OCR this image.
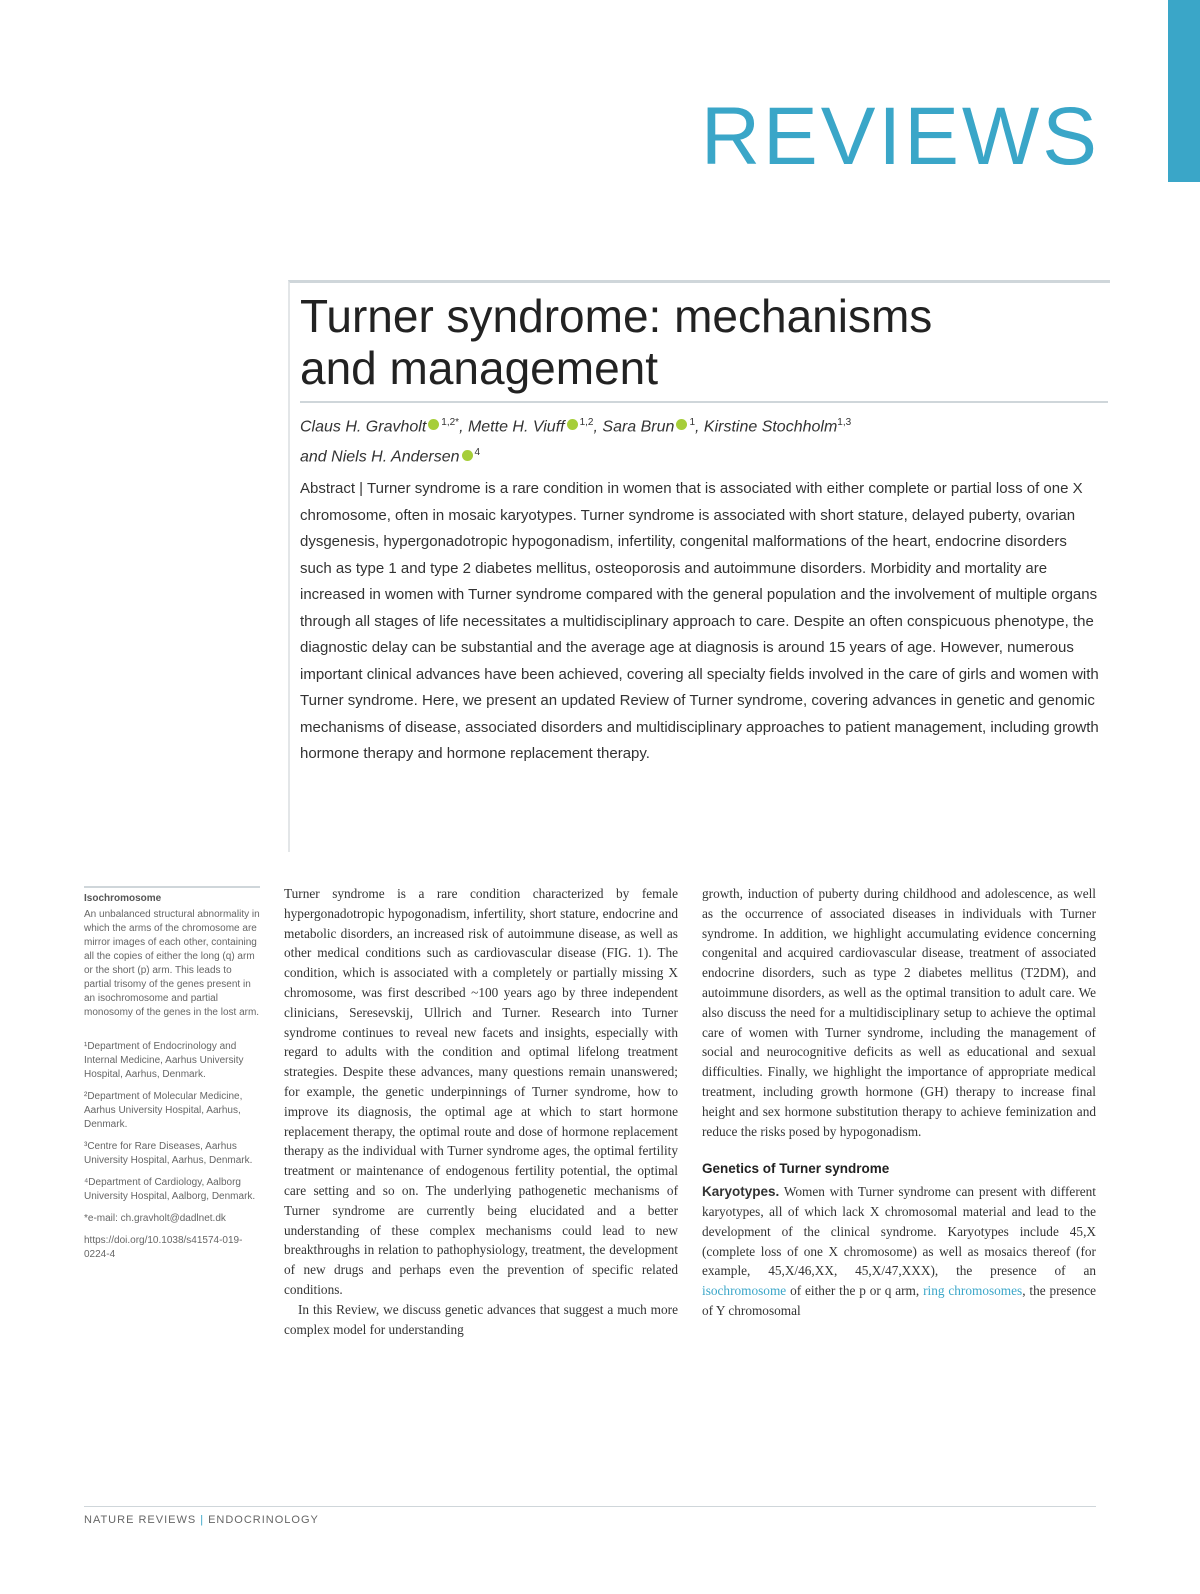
REVIEWS
Turner syndrome: mechanisms
and management
Claus H. Gravholt $^{1,2*}$, Mette H. Viuff $^{1,2}$, Sara Brun $^1$, Kirstine Stochholm$^{1,3}$
and Niels H. Andersen $^4$

Abstract | Turner syndrome is a rare condition in women that is associated with either complete or partial loss of one X chromosome, often in mosaic karyotypes. Turner syndrome is associated with short stature, delayed puberty, ovarian dysgenesis, hypergonadotropic hypogonadism, infertility, congenital malformations of the heart, endocrine disorders such as type 1 and type 2 diabetes mellitus, osteoporosis and autoimmune disorders. Morbidity and mortality are increased in women with Turner syndrome compared with the general population and the involvement of multiple organs through all stages of life necessitates a multidisciplinary approach to care. Despite an often conspicuous phenotype, the diagnostic delay can be substantial and the average age at diagnosis is around 15 years of age. However, numerous important clinical advances have been achieved, covering all specialty fields involved in the care of girls and women with Turner syndrome. Here, we present an updated Review of Turner syndrome, covering advances in genetic and genomic mechanisms of disease, associated disorders and multidisciplinary approaches to patient management, including growth hormone therapy and hormone replacement therapy.

Isochromosome

An unbalanced structural abnormality in which the arms of the chromosome are mirror images of each other, containing all the copies of either the long (q) arm or the short (p) arm. This leads to partial trisomy of the genes present in an isochromosome and partial monosomy of the genes in the lost arm.

¹Department of Endocrinology and Internal Medicine, Aarhus University Hospital, Aarhus, Denmark.

²Department of Molecular Medicine, Aarhus University Hospital, Aarhus, Denmark.

³Centre for Rare Diseases, Aarhus University Hospital, Aarhus, Denmark.

⁴Department of Cardiology, Aalborg University Hospital, Aalborg, Denmark.

*e-mail: ch.gravholt@dadlnet.dk

https://doi.org/10.1038/s41574-019-0224-4

Turner syndrome is a rare condition characterized by female hypergonadotropic hypogonadism, infertility, short stature, endocrine and metabolic disorders, an increased risk of autoimmune disease, as well as other medical conditions such as cardiovascular disease (FIG. 1). The condition, which is associated with a completely or partially missing X chromosome, was first described ~100 years ago by three independent clinicians, Seresevskij, Ullrich and Turner. Research into Turner syndrome continues to reveal new facets and insights, especially with regard to adults with the condition and optimal lifelong treatment strategies. Despite these advances, many questions remain unanswered; for example, the genetic underpinnings of Turner syndrome, how to improve its diagnosis, the optimal age at which to start hormone replacement therapy, the optimal route and dose of hormone replacement therapy as the individual with Turner syndrome ages, the optimal fertility treatment or maintenance of endogenous fertility potential, the optimal care setting and so on. The underlying pathogenetic mechanisms of Turner syndrome are currently being elucidated and a better understanding of these complex mechanisms could lead to new breakthroughs in relation to pathophysiology, treatment, the development of new drugs and perhaps even the prevention of specific related conditions.

In this Review, we discuss genetic advances that suggest a much more complex model for understanding

growth, induction of puberty during childhood and adolescence, as well as the occurrence of associated diseases in individuals with Turner syndrome. In addition, we highlight accumulating evidence concerning congenital and acquired cardiovascular disease, treatment of associated endocrine disorders, such as type 2 diabetes mellitus (T2DM), and autoimmune disorders, as well as the optimal transition to adult care. We also discuss the need for a multidisciplinary setup to achieve the optimal care of women with Turner syndrome, including the management of social and neurocognitive deficits as well as educational and sexual difficulties. Finally, we highlight the importance of appropriate medical treatment, including growth hormone (GH) therapy to increase final height and sex hormone substitution therapy to achieve feminization and reduce the risks posed by hypogonadism.

Genetics of Turner syndrome

Karyotypes. Women with Turner syndrome can present with different karyotypes, all of which lack X chromosomal material and lead to the development of the clinical syndrome. Karyotypes include 45,X (complete loss of one X chromosome) as well as mosaics thereof (for example, 45,X/46,XX, 45,X/47,XXX), the presence of an isochromosome of either the p or q arm, ring chromosomes, the presence of Y chromosomal

NATURE REVIEWS | ENDOCRINOLOGY
